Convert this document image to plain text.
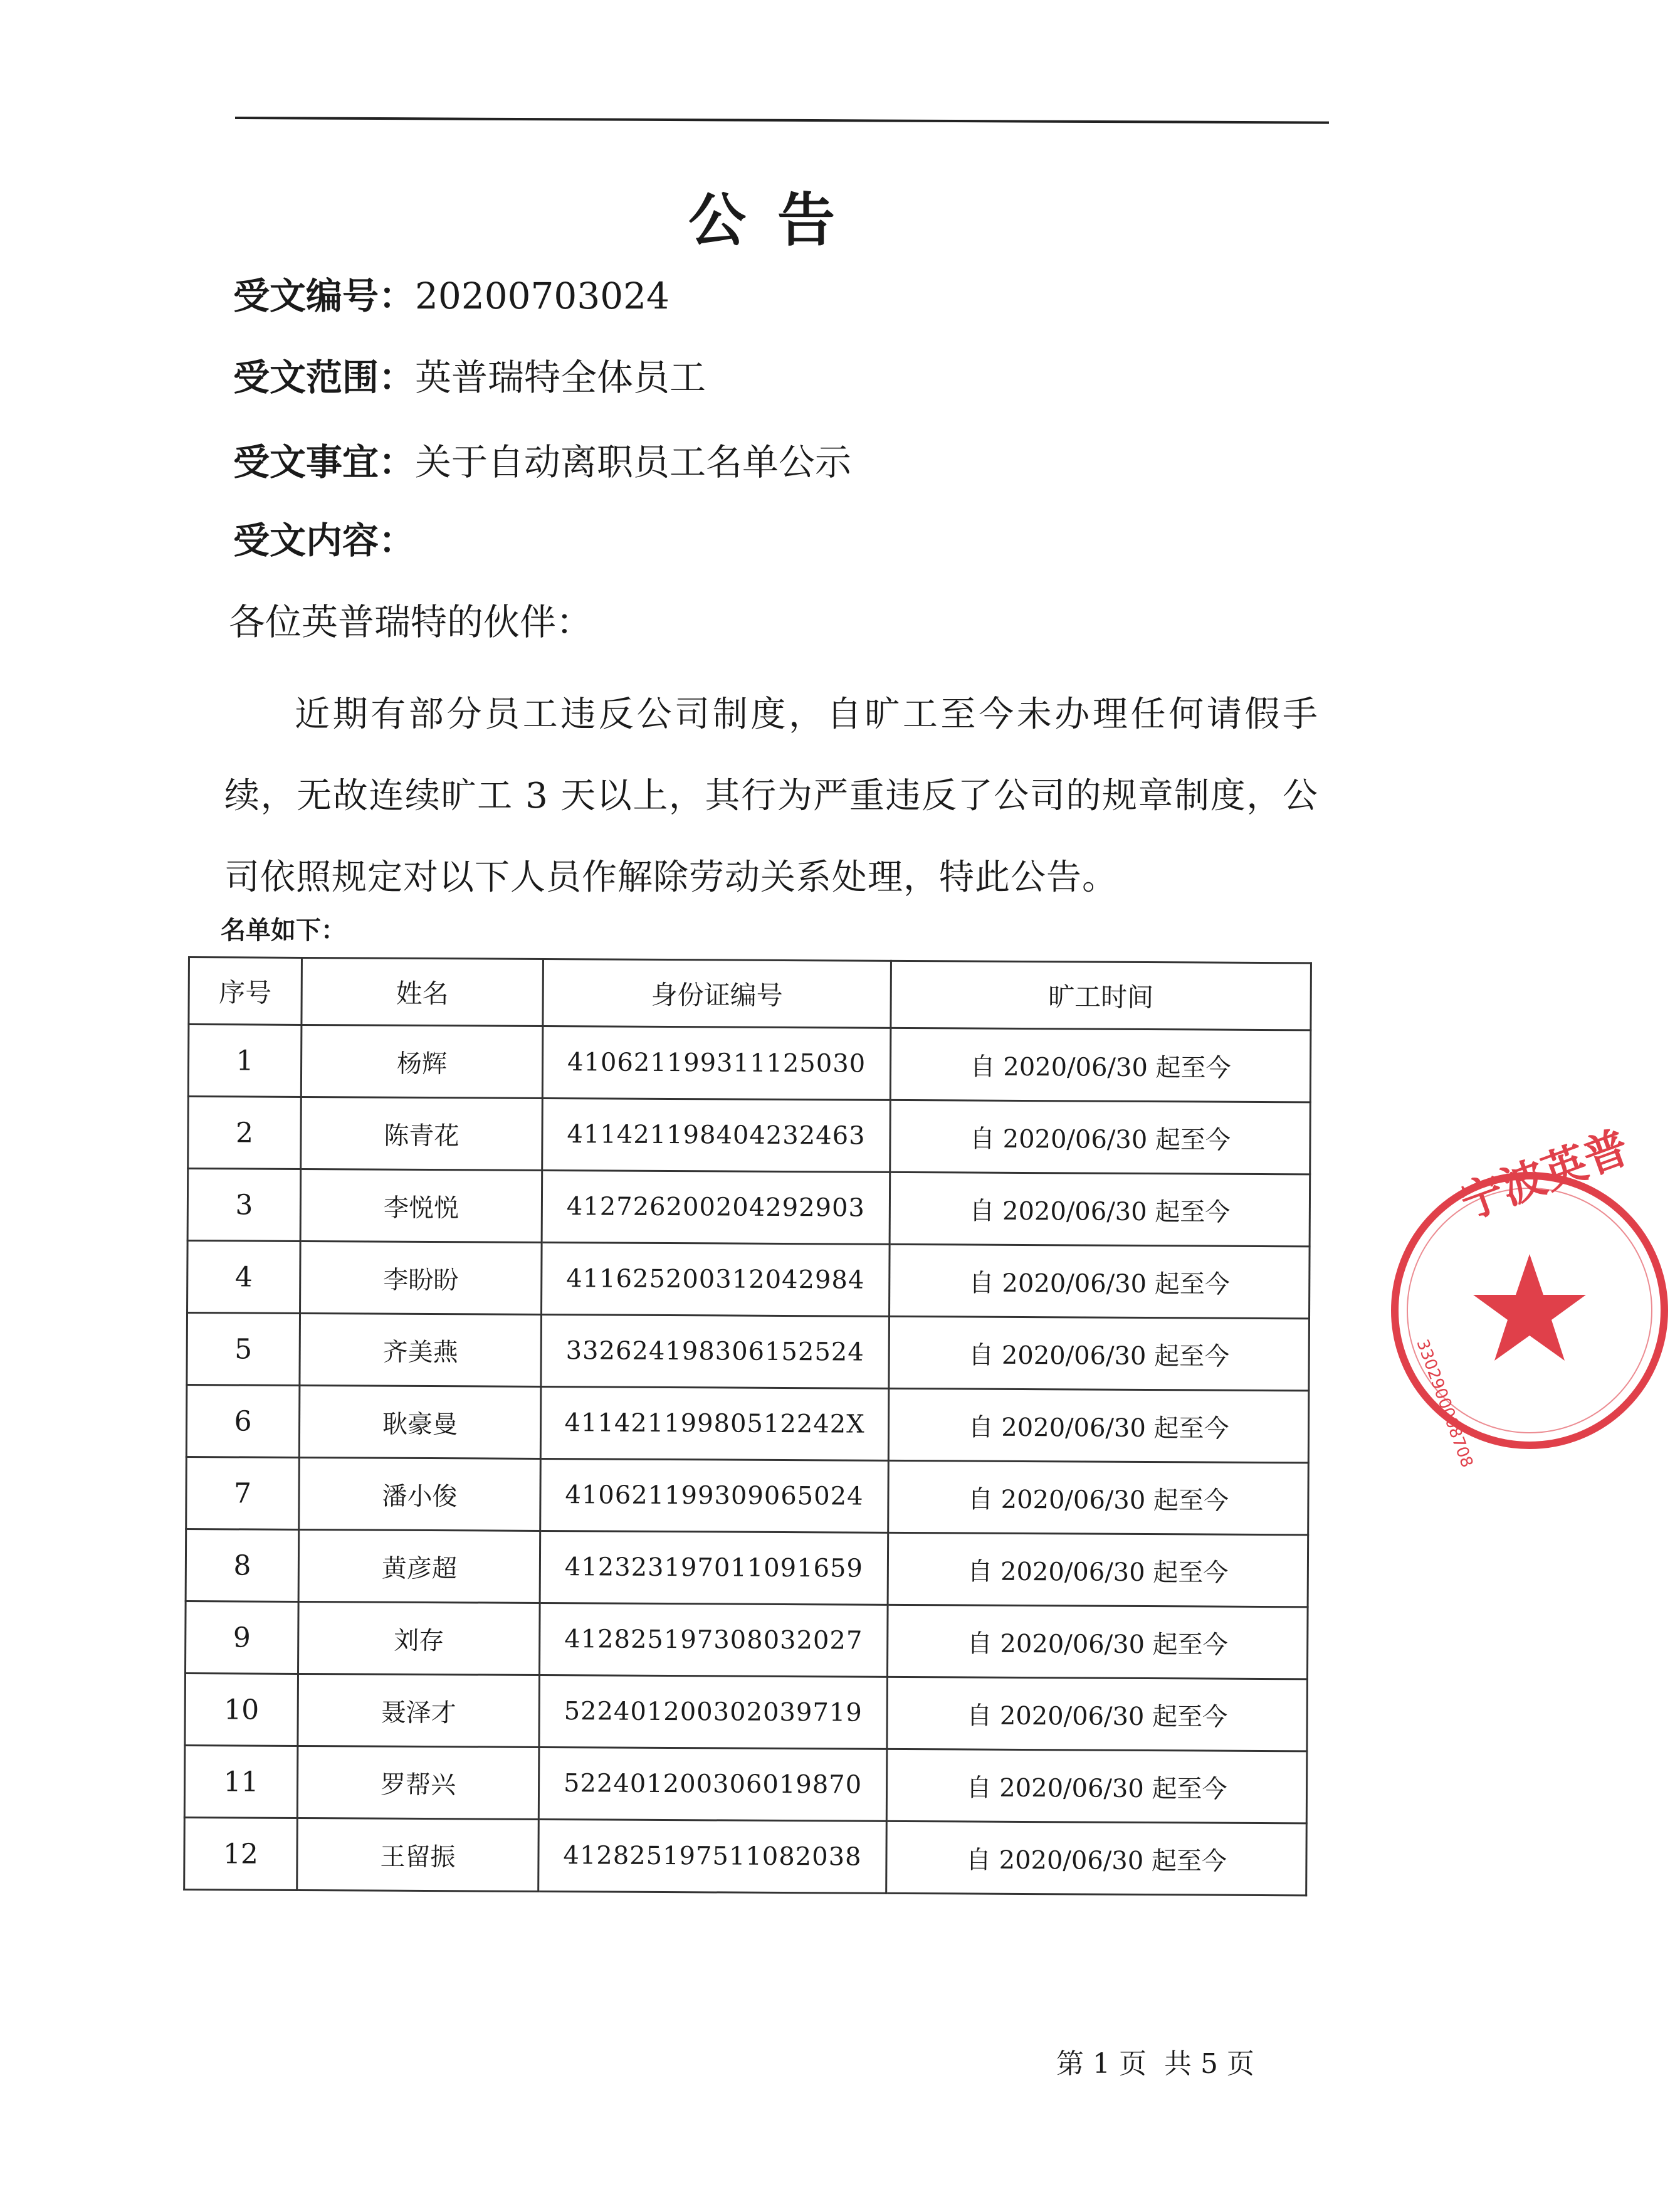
公告
受文编号：20200703024
受文范围：英普瑞特全体员工
受文事宜：关于自动离职员工名单公示
受文内容：
各位英普瑞特的伙伴：
近期有部分员工违反公司制度，自旷工至今未办理任何请假手续，无故连续旷工 3 天以上，其行为严重违反了公司的规章制度，公司依照规定对以下人员作解除劳动关系处理，特此公告。
名单如下：
序号	姓名	身份证编号	旷工时间
1	杨辉	410621199311125030	自 2020/06/30 起至今
2	陈青花	411421198404232463	自 2020/06/30 起至今
3	李悦悦	412726200204292903	自 2020/06/30 起至今
4	李盼盼	411625200312042984	自 2020/06/30 起至今
5	齐美燕	332624198306152524	自 2020/06/30 起至今
6	耿豪曼	41142119980512242X	自 2020/06/30 起至今
7	潘小俊	410621199309065024	自 2020/06/30 起至今
8	黄彦超	412323197011091659	自 2020/06/30 起至今
9	刘存	412825197308032027	自 2020/06/30 起至今
10	聂泽才	522401200302039719	自 2020/06/30 起至今
11	罗帮兴	522401200306019870	自 2020/06/30 起至今
12	王留振	412825197511082038	自 2020/06/30 起至今
第 1 页 共 5 页
宁波英普
3302900008708
